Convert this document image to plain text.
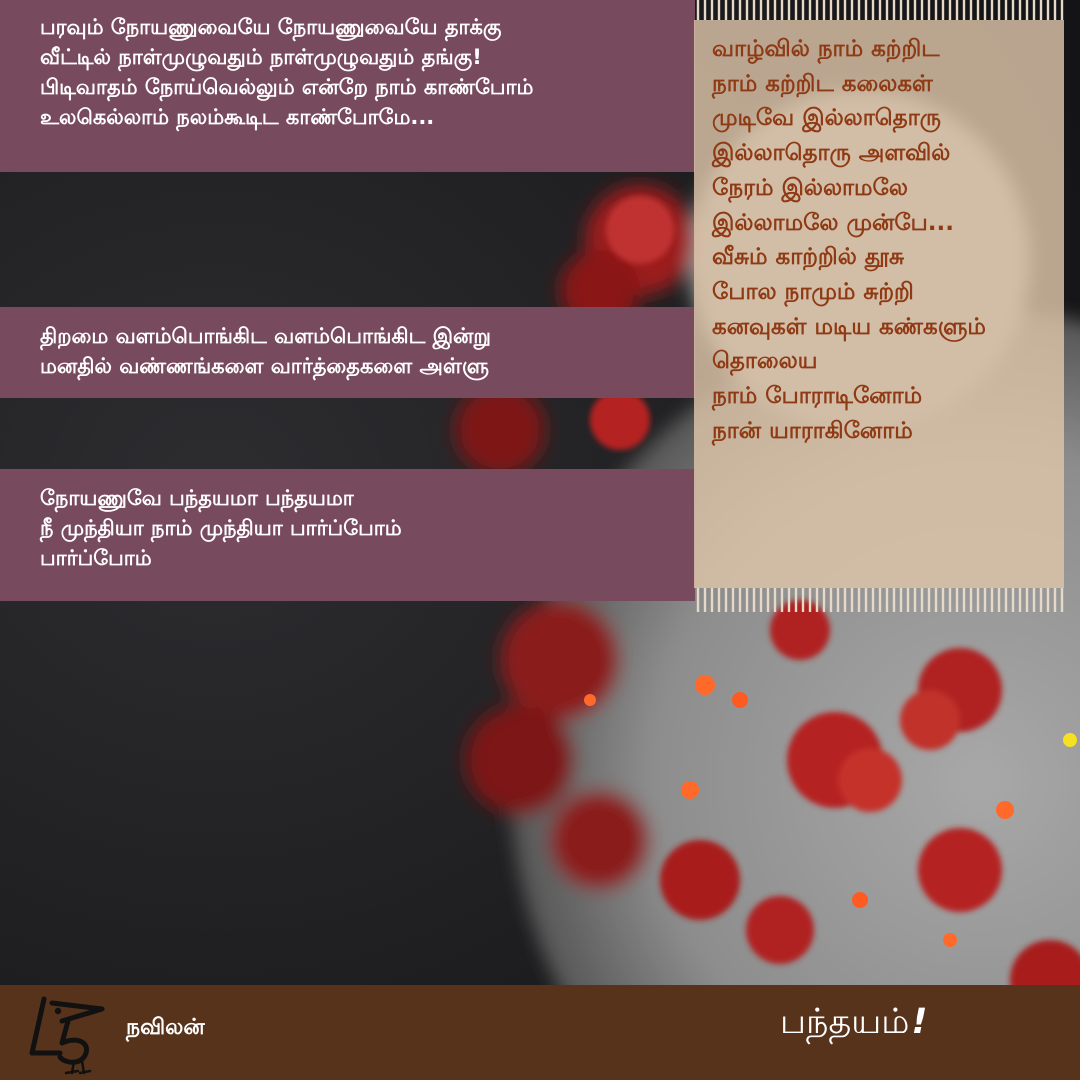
பரவும் நோயணுவையே நோயணுவையே தாக்கு
வீட்டில் நாள்முழுவதும் நாள்முழுவதும் தங்கு!
பிடிவாதம் நோய்வெல்லும் என்றே நாம் காண்போம்
உலகெல்லாம் நலம்கூடிட காண்போமே...
திறமை வளம்பொங்கிட வளம்பொங்கிட இன்று
மனதில் வண்ணங்களை வார்த்தைகளை அள்ளு
நோயணுவே பந்தயமா பந்தயமா
நீ முந்தியா நாம் முந்தியா பார்ப்போம்
பார்ப்போம்
வாழ்வில் நாம் கற்றிட
நாம் கற்றிட கலைகள்
முடிவே இல்லாதொரு
இல்லாதொரு அளவில்
நேரம் இல்லாமலே
இல்லாமலே முன்பே...
வீசும் காற்றில் தூசு
போல நாமும் சுற்றி
கனவுகள் மடிய கண்களும்
தொலைய
நாம் போராடினோம்
நான் யாராகினோம்
நவிலன்	பந்தயம்!
